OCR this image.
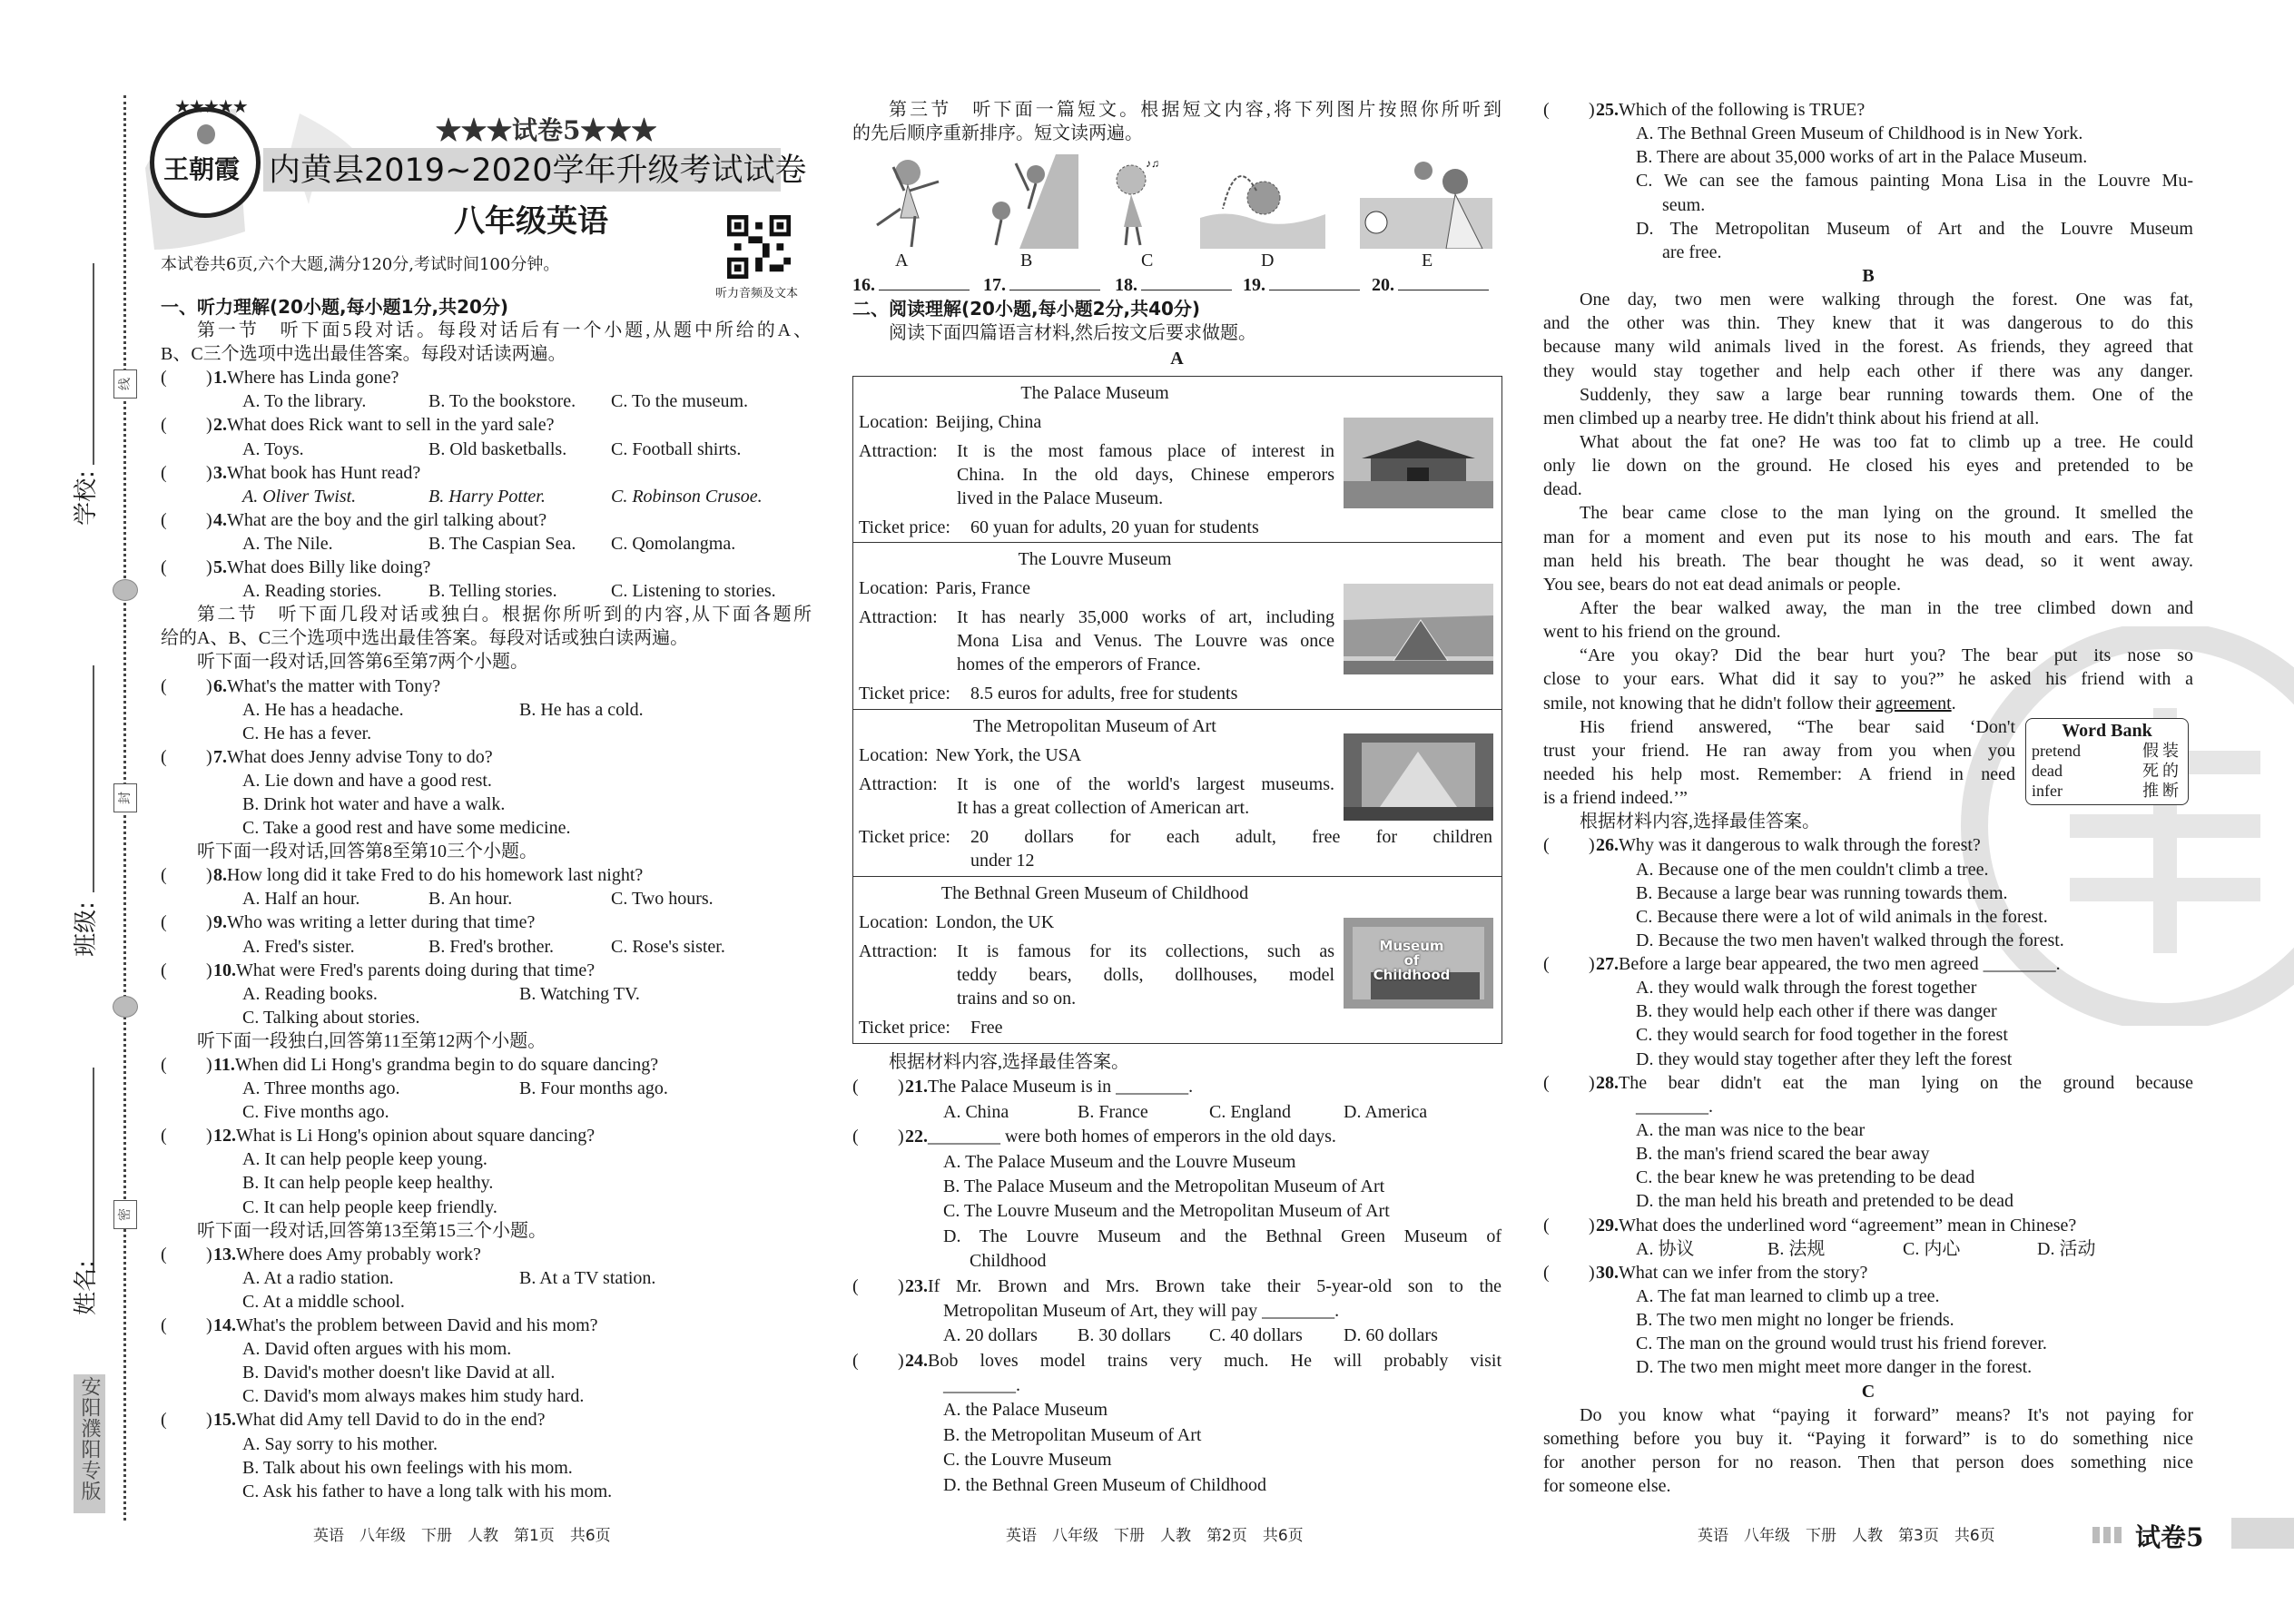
学校:
班级:
姓名:
线
封
密
安阳濮阳专版
★★★★★
王朝霞
★★★试卷5★★★
内黄县2019~2020学年升级考试试卷
八年级英语
听力音频及文本
本试卷共6页,六个大题,满分120分,考试时间100分钟。
一、听力理解(20小题,每小题1分,共20分)
第一节　听下面5段对话。每段对话后有一个小题,从题中所给的A、
B、C三个选项中选出最佳答案。每段对话读两遍。
( ) 1.Where has Linda gone?
A. To the library.	B. To the bookstore. C. To the museum.
( ) 2.What does Rick want to sell in the yard sale?
A. Toys.	B. Old basketballs. C. Football shirts.
( ) 3.What book has Hunt read?
A. Oliver Twist.	B. Harry Potter.	C. Robinson Crusoe.
( ) 4.What are the boy and the girl talking about?
A. The Nile.	B. The Caspian Sea. C. Qomolangma.
( ) 5.What does Billy like doing?
A. Reading stories.	B. Telling stories.	C. Listening to stories.
第二节　听下面几段对话或独白。根据你所听到的内容,从下面各题所
给的A、B、C三个选项中选出最佳答案。每段对话或独白读两遍。
听下面一段对话,回答第6至第7两个小题。
( ) 6.What's the matter with Tony?
A. He has a headache.	B. He has a cold.
C. He has a fever.
( ) 7.What does Jenny advise Tony to do?
A. Lie down and have a good rest.
B. Drink hot water and have a walk.
C. Take a good rest and have some medicine.
听下面一段对话,回答第8至第10三个小题。
( ) 8.How long did it take Fred to do his homework last night?
A. Half an hour.	B. An hour.	C. Two hours.
( ) 9.Who was writing a letter during that time?
A. Fred's sister.	B. Fred's brother.	C. Rose's sister.
( ) 10.What were Fred's parents doing during that time?
A. Reading books.	B. Watching TV.
C. Talking about stories.
听下面一段独白,回答第11至第12两个小题。
( ) 11.When did Li Hong's grandma begin to do square dancing?
A. Three months ago.	B. Four months ago.
C. Five months ago.
( ) 12.What is Li Hong's opinion about square dancing?
A. It can help people keep young.
B. It can help people keep healthy.
C. It can help people keep friendly.
听下面一段对话,回答第13至第15三个小题。
( ) 13.Where does Amy probably work?
A. At a radio station.	B. At a TV station.
C. At a middle school.
( ) 14.What's the problem between David and his mom?
A. David often argues with his mom.
B. David's mother doesn't like David at all.
C. David's mom always makes him study hard.
( ) 15.What did Amy tell David to do in the end?
A. Say sorry to his mother.
B. Talk about his own feelings with his mom.
C. Ask his father to have a long talk with his mom.
第三节　听下面一篇短文。根据短文内容,将下列图片按照你所听到
的先后顺序重新排序。短文读两遍。
♪♫
A	B	C	D	E
16.	17.	18.	19.	20.
二、阅读理解(20小题,每小题2分,共40分)
阅读下面四篇语言材料,然后按文后要求做题。
A
The Palace Museum
Location: Beijing, China
Attraction: It is the most famous place of interest in
China. In the old days, Chinese emperors
lived in the Palace Museum.
Ticket price: 60 yuan for adults, 20 yuan for students
The Louvre Museum
Location: Paris, France
Attraction: It has nearly 35,000 works of art, including
Mona Lisa and Venus. The Louvre was once
homes of the emperors of France.
Ticket price: 8.5 euros for adults, free for students
The Metropolitan Museum of Art
Location: New York, the USA
Attraction: It is one of the world's largest museums.
It has a great collection of American art.
Ticket price: 20 dollars for each adult, free for children
under 12
Museum of Childhood
The Bethnal Green Museum of Childhood
Location: London, the UK
Attraction: It is famous for its collections, such as
teddy bears, dolls, dollhouses, model
trains and so on.
Ticket price: Free
根据材料内容,选择最佳答案。
( ) 21.The Palace Museum is in ________.
A. China	B. France	C. England	D. America
( ) 22.________ were both homes of emperors in the old days.
A. The Palace Museum and the Louvre Museum
B. The Palace Museum and the Metropolitan Museum of Art
C. The Louvre Museum and the Metropolitan Museum of Art
D. The Louvre Museum and the Bethnal Green Museum of
Childhood
( ) 23.If Mr. Brown and Mrs. Brown take their 5-year-old son to the
Metropolitan Museum of Art, they will pay ________.
A. 20 dollars B. 30 dollars C. 40 dollars D. 60 dollars
( ) 24.Bob loves model trains very much. He will probably visit
________.
A. the Palace Museum
B. the Metropolitan Museum of Art
C. the Louvre Museum
D. the Bethnal Green Museum of Childhood
( ) 25.Which of the following is TRUE?
A. The Bethnal Green Museum of Childhood is in New York.
B. There are about 35,000 works of art in the Palace Museum.
C. We can see the famous painting Mona Lisa in the Louvre Mu-
seum.
D. The Metropolitan Museum of Art and the Louvre Museum
are free.
B
One day, two men were walking through the forest. One was fat,
and the other was thin. They knew that it was dangerous to do this
because many wild animals lived in the forest. As friends, they agreed that
they would stay together and help each other if there was any danger.
Suddenly, they saw a large bear running towards them. One of the
men climbed up a nearby tree. He didn't think about his friend at all.
What about the fat one? He was too fat to climb up a tree. He could
only lie down on the ground. He closed his eyes and pretended to be
dead.
The bear came close to the man lying on the ground. It smelled the
man for a moment and even put its nose to his mouth and ears. The fat
man held his breath. The bear thought he was dead, so it went away.
You see, bears do not eat dead animals or people.
After the bear walked away, the man in the tree climbed down and
went to his friend on the ground.
“Are you okay? Did the bear hurt you? The bear put its nose so
close to your ears. What did it say to you?” he asked his friend with a
smile, not knowing that he didn't follow their agreement.
His friend answered, “The bear said ‘Don't
trust your friend. He ran away from you when you
needed his help most. Remember: A friend in need
is a friend indeed.’”
根据材料内容,选择最佳答案。
( ) 26.Why was it dangerous to walk through the forest?
A. Because one of the men couldn't climb a tree.
B. Because a large bear was running towards them.
C. Because there were a lot of wild animals in the forest.
D. Because the two men haven't walked through the forest.
( ) 27.Before a large bear appeared, the two men agreed ________.
A. they would walk through the forest together
B. they would help each other if there was danger
C. they would search for food together in the forest
D. they would stay together after they left the forest
( ) 28.The bear didn't eat the man lying on the ground because
________.
A. the man was nice to the bear
B. the man's friend scared the bear away
C. the bear knew he was pretending to be dead
D. the man held his breath and pretended to be dead
( ) 29.What does the underlined word “agreement” mean in Chinese?
A. 协议	B. 法规	C. 内心	D. 活动
( ) 30.What can we infer from the story?
A. The fat man learned to climb up a tree.
B. The two men might no longer be friends.
C. The man on the ground would trust his friend forever.
D. The two men might meet more danger in the forest.
C
Do you know what “paying it forward” means? It's not paying for
something before you buy it. “Paying it forward” is to do something nice
for another person for no reason. Then that person does something nice
for someone else.
Word Bank
pretend	假装
dead	死的
infer	推断
英语　八年级　下册　人教　第1页　共6页	英语　八年级　下册　人教　第2页　共6页	英语　八年级　下册　人教　第3页　共6页	试卷5
